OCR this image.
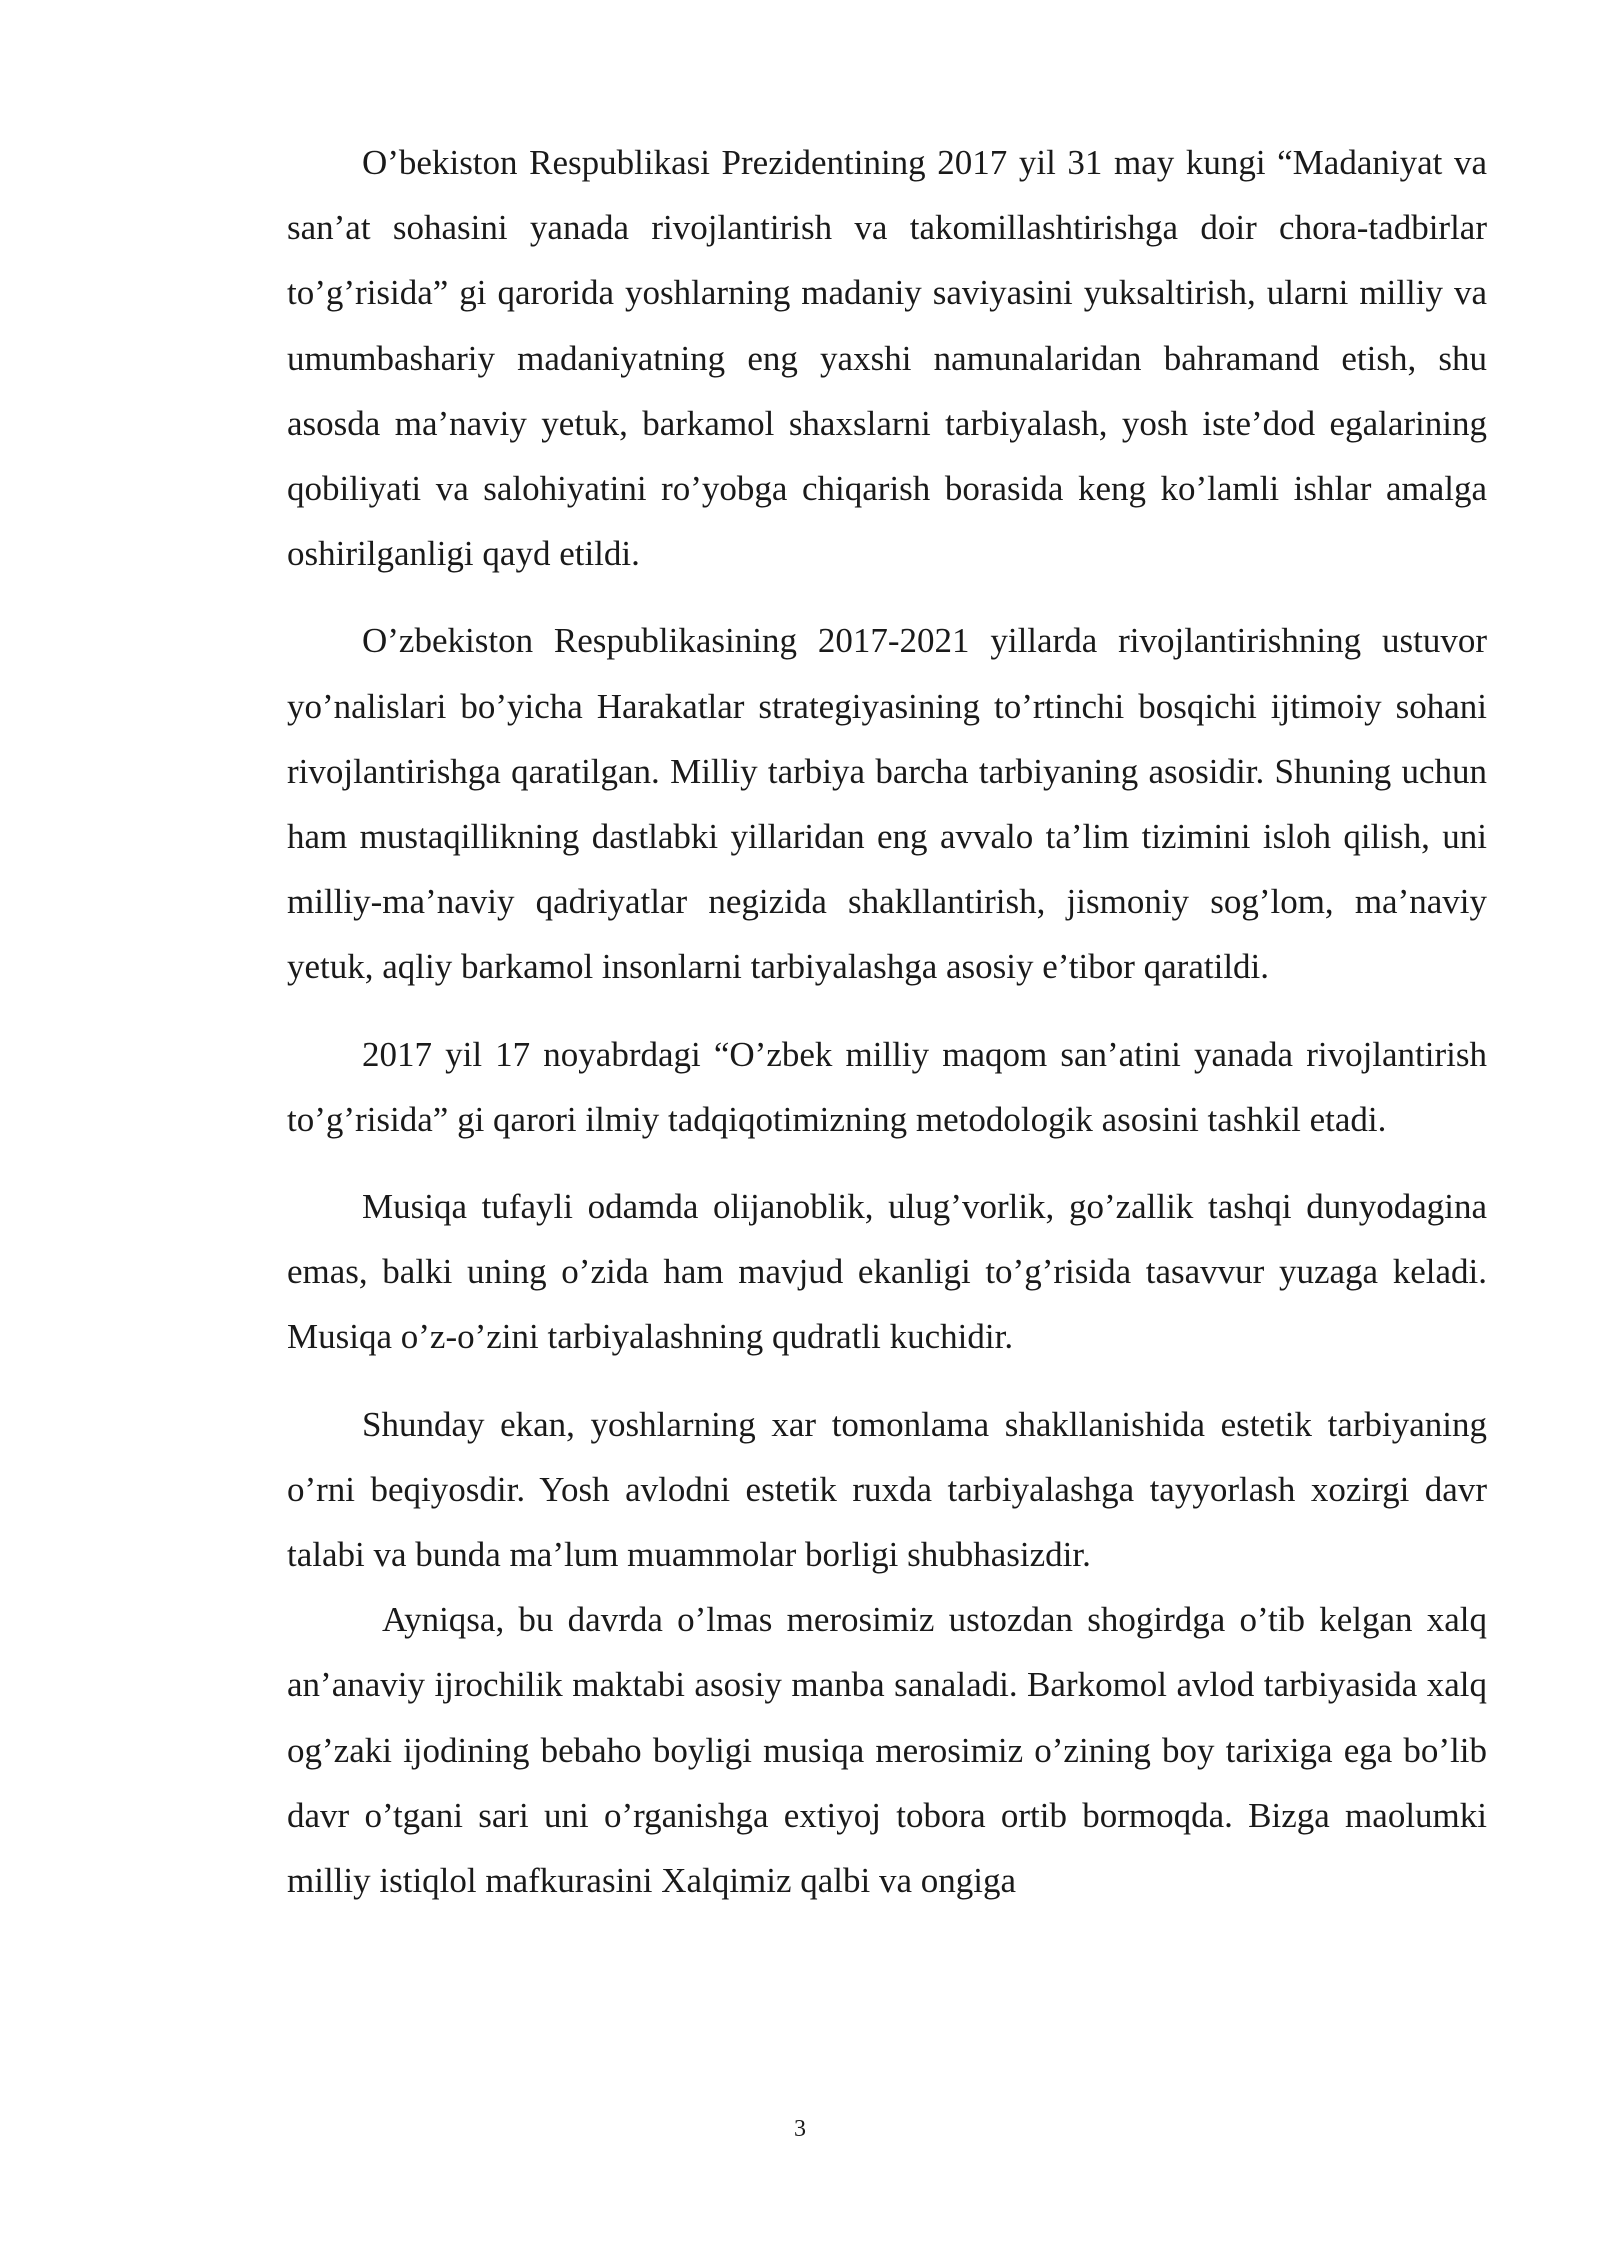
O’bekiston Respublikasi Prezidentining 2017 yil 31 may kungi “Madaniyat va san’at sohasini yanada rivojlantirish va takomillashtirishga doir chora-tadbirlar to’g’risida” gi qarorida yoshlarning madaniy saviyasini yuksaltirish, ularni milliy va umumbashariy madaniyatning eng yaxshi namunalaridan bahramand etish, shu asosda ma’naviy yetuk, barkamol shaxslarni tarbiyalash, yosh iste’dod egalarining qobiliyati va salohiyatini ro’yobga chiqarish borasida keng ko’lamli ishlar amalga oshirilganligi qayd etildi.

O’zbekiston Respublikasining 2017-2021 yillarda rivojlantirishning ustuvor yo’nalislari bo’yicha Harakatlar strategiyasining to’rtinchi bosqichi ijtimoiy sohani rivojlantirishga qaratilgan. Milliy tarbiya barcha tarbiyaning asosidir. Shuning uchun ham mustaqillikning dastlabki yillaridan eng avvalo ta’lim tizimini isloh qilish, uni milliy-ma’naviy qadriyatlar negizida shakllantirish, jismoniy sog’lom, ma’naviy yetuk, aqliy barkamol insonlarni tarbiyalashga asosiy e’tibor qaratildi.

2017 yil 17 noyabrdagi “O’zbek milliy maqom san’atini yanada rivojlantirish to’g’risida” gi qarori ilmiy tadqiqotimizning metodologik asosini tashkil etadi.

Musiqa tufayli odamda olijanoblik, ulug’vorlik, go’zallik tashqi dunyodagina emas, balki uning o’zida ham mavjud ekanligi to’g’risida tasavvur yuzaga keladi. Musiqa o’z-o’zini tarbiyalashning qudratli kuchidir.

Shunday ekan, yoshlarning xar tomonlama shakllanishida estetik tarbiyaning o’rni beqiyosdir. Yosh avlodni estetik ruxda tarbiyalashga tayyorlash xozirgi davr talabi va bunda ma’lum muammolar borligi shubhasizdir.

Ayniqsa, bu davrda o’lmas merosimiz ustozdan shogirdga o’tib kelgan xalq an’anaviy ijrochilik maktabi asosiy manba sanaladi. Barkomol avlod tarbiyasida xalq og’zaki ijodining bebaho boyligi musiqa merosimiz o’zining boy tarixiga ega bo’lib davr o’tgani sari uni o’rganishga extiyoj tobora ortib bormoqda. Bizga maolumki milliy istiqlol mafkurasini Xalqimiz qalbi va ongiga

3
